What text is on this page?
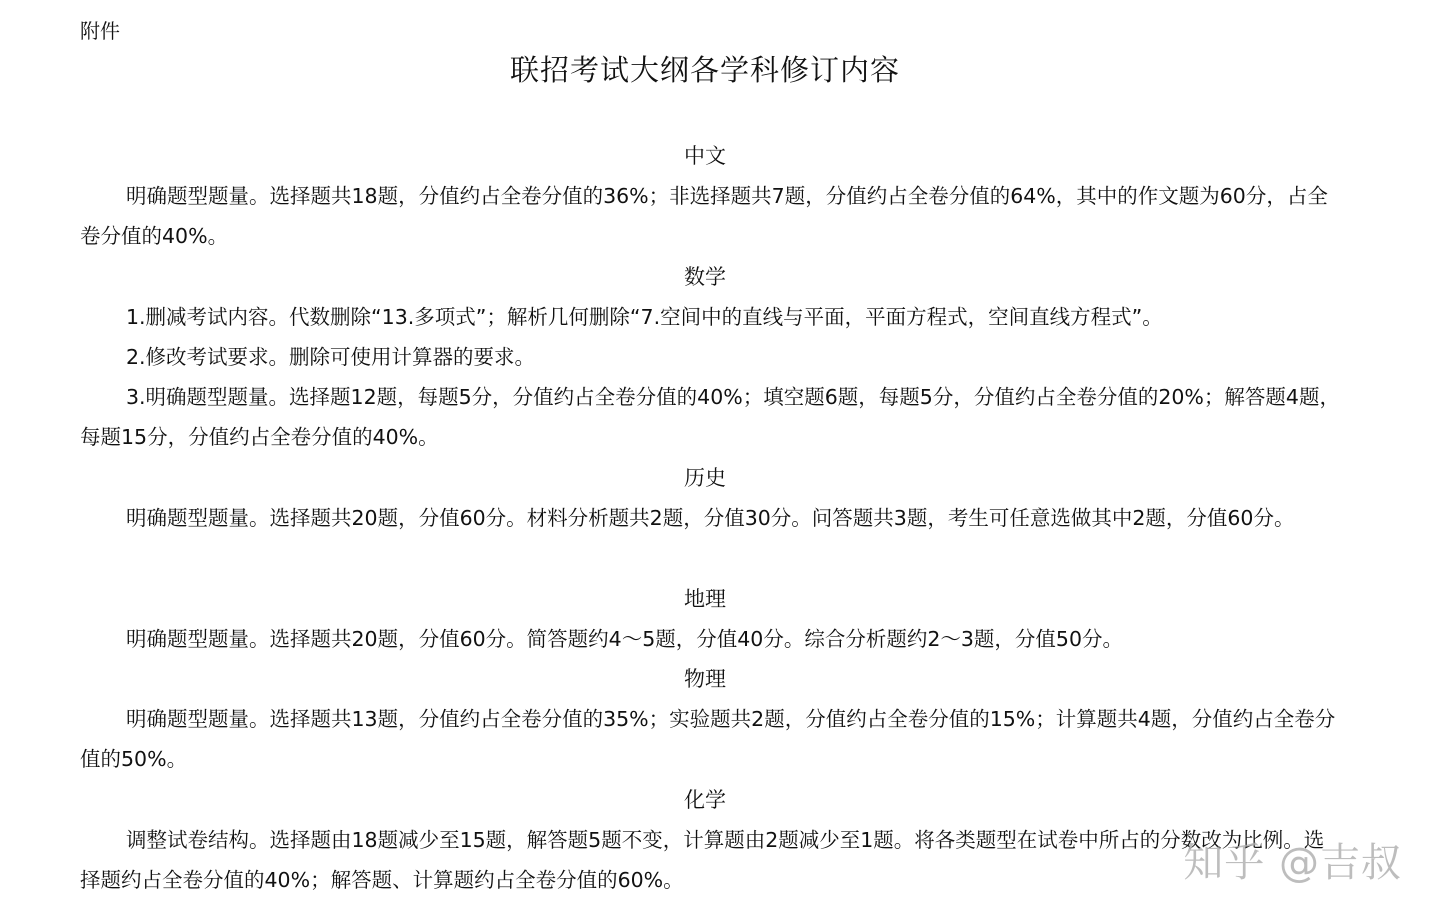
附件
联招考试大纲各学科修订内容
中文
明确题型题量。选择题共18题，分值约占全卷分值的36%；非选择题共7题，分值约占全卷分值的64%，其中的作文题为60分，占全卷分值的40%。
数学
1.删减考试内容。代数删除“13.多项式”；解析几何删除“7.空间中的直线与平面，平面方程式，空间直线方程式”。
2.修改考试要求。删除可使用计算器的要求。
3.明确题型题量。选择题12题，每题5分，分值约占全卷分值的40%；填空题6题，每题5分，分值约占全卷分值的20%；解答题4题，每题15分，分值约占全卷分值的40%。
历史
明确题型题量。选择题共20题，分值60分。材料分析题共2题，分值30分。问答题共3题，考生可任意选做其中2题，分值60分。
地理
明确题型题量。选择题共20题，分值60分。简答题约4～5题，分值40分。综合分析题约2～3题，分值50分。
物理
明确题型题量。选择题共13题，分值约占全卷分值的35%；实验题共2题，分值约占全卷分值的15%；计算题共4题，分值约占全卷分值的50%。
化学
调整试卷结构。选择题由18题减少至15题，解答题5题不变，计算题由2题减少至1题。将各类题型在试卷中所占的分数改为比例。选择题约占全卷分值的40%；解答题、计算题约占全卷分值的60%。	知乎 @吉叔
